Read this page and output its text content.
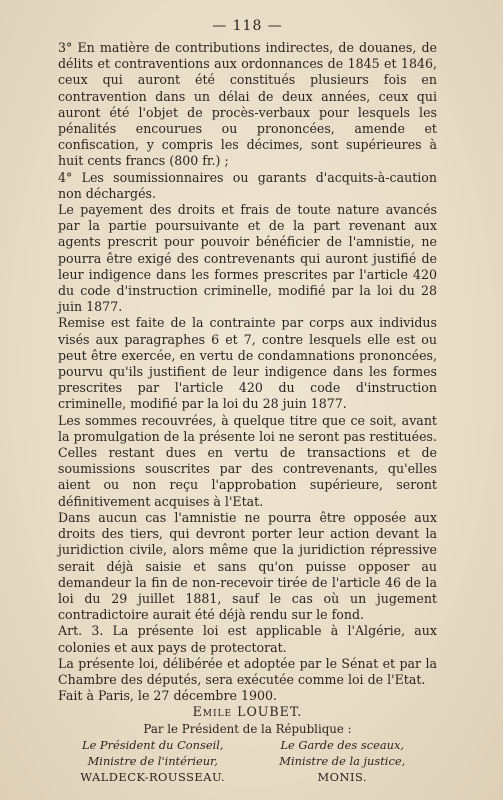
— 118 —

3° En matière de contributions indirectes, de douanes, de délits et contraventions aux ordonnances de 1845 et 1846, ceux qui auront été constitués plusieurs fois en contravention dans un délai de deux années, ceux qui auront été l'objet de procès-verbaux pour lesquels les pénalités encourues ou prononcées, amende et confiscation, y compris les décimes, sont supérieures à huit cents francs (800 fr.) ;

4° Les soumissionnaires ou garants d'acquits-à-caution non déchargés.

Le payement des droits et frais de toute nature avancés par la partie poursuivante et de la part revenant aux agents prescrit pour pouvoir bénéficier de l'amnistie, ne pourra être exigé des contrevenants qui auront justifié de leur indigence dans les formes prescrites par l'article 420 du code d'instruction criminelle, modifié par la loi du 28 juin 1877.

Remise est faite de la contrainte par corps aux individus visés aux paragraphes 6 et 7, contre lesquels elle est ou peut être exercée, en vertu de condamnations prononcées, pourvu qu'ils justifient de leur indigence dans les formes prescrites par l'article 420 du code d'instruction criminelle, modifié par la loi du 28 juin 1877.

Les sommes recouvrées, à quelque titre que ce soit, avant la promulgation de la présente loi ne seront pas restituées. Celles restant dues en vertu de transactions et de soumissions souscrites par des contrevenants, qu'elles aient ou non reçu l'approbation supérieure, seront définitivement acquises à l'Etat.

Dans aucun cas l'amnistie ne pourra être opposée aux droits des tiers, qui devront porter leur action devant la juridiction civile, alors même que la juridiction répressive serait déjà saisie et sans qu'on puisse opposer au demandeur la fin de non-recevoir tirée de l'article 46 de la loi du 29 juillet 1881, sauf le cas où un jugement contradictoire aurait été déjà rendu sur le fond.

Art. 3. La présente loi est applicable à l'Algérie, aux colonies et aux pays de protectorat.

La présente loi, délibérée et adoptée par le Sénat et par la Chambre des députés, sera exécutée comme loi de l'Etat.

Fait à Paris, le 27 décembre 1900.

Emile LOUBET.

Par le Président de la République :

Le Président du Conseil,

Ministre de l'intérieur,

WALDECK-ROUSSEAU.

Le Garde des sceaux,

Ministre de la justice,

MONIS.
